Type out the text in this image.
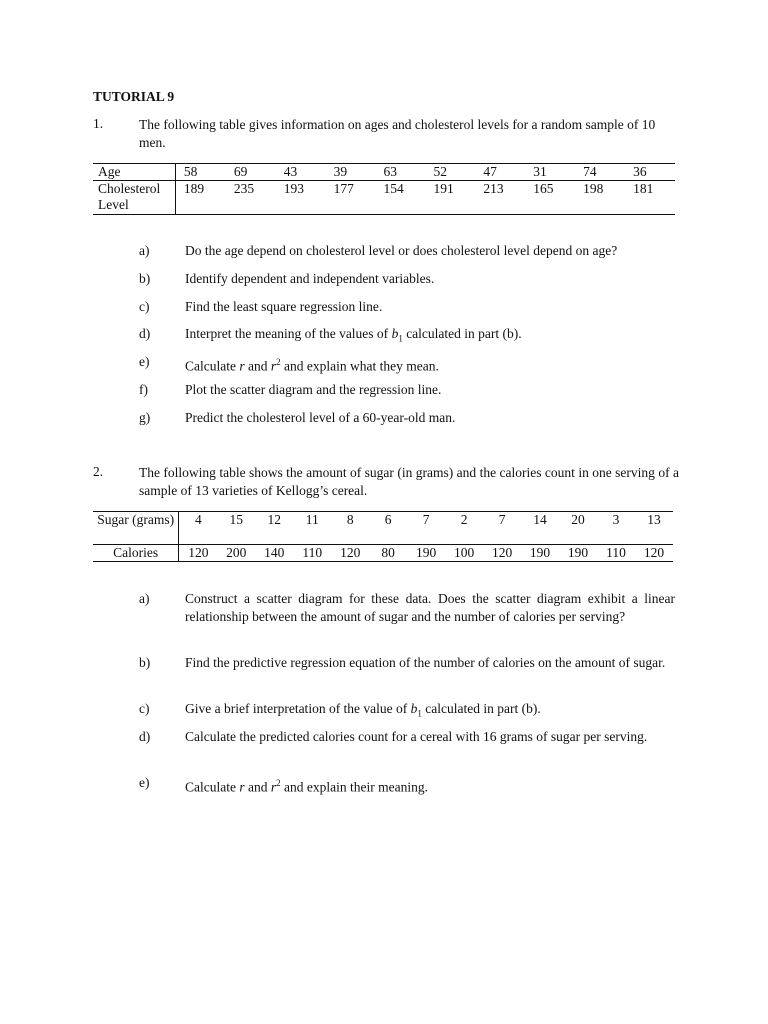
TUTORIAL 9
1.	The following table gives information on ages and cholesterol levels for a random sample of 10 men.
Age	58	69	43	39	63	52	47	31	74	36
Cholesterol Level	189	235	193	177	154	191	213	165	198	181
a)	Do the age depend on cholesterol level or does cholesterol level depend on age?
b)	Identify dependent and independent variables.
c)	Find the least square regression line.
d)	Interpret the meaning of the values of $b_1$ calculated in part (b).
e)	Calculate r and $r^2$ and explain what they mean.
f)	Plot the scatter diagram and the regression line.
g)	Predict the cholesterol level of a 60-year-old man.
2.	The following table shows the amount of sugar (in grams) and the calories count in one serving of a sample of 13 varieties of Kellogg’s cereal.
Sugar (grams)	4	15	12	11	8	6	7	2	7	14	20	3	13
Calories	120	200	140	110	120	80	190	100	120	190	190	110	120
a)	Construct a scatter diagram for these data. Does the scatter diagram exhibit a linear relationship between the amount of sugar and the number of calories per serving?
b)	Find the predictive regression equation of the number of calories on the amount of sugar.
c)	Give a brief interpretation of the value of $b_1$ calculated in part (b).
d)	Calculate the predicted calories count for a cereal with 16 grams of sugar per serving.
e)	Calculate r and $r^2$ and explain their meaning.
